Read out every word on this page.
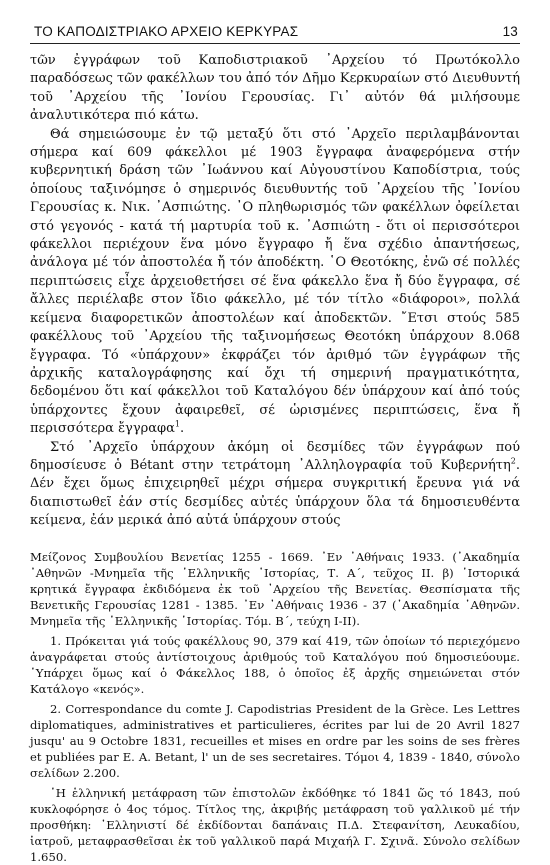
ΤΟ ΚΑΠΟΔΙΣΤΡΙΑΚΟ ΑΡΧΕΙΟ ΚΕΡΚΥΡΑΣ	13

τῶν ἐγγράφων τοῦ Καποδιστριακοῦ ᾿Αρχείου τό Πρωτόκολλο παραδόσεως τῶν φακέλλων του ἀπό τόν Δῆμο Κερκυραίων στό Διευθυντή τοῦ ᾿Αρχείου τῆς ᾿Ιονίου Γερουσίας. Γι᾿ αὐτόν θά μιλήσουμε ἀναλυτικότερα πιό κάτω.

Θά σημειώσουμε ἐν τῷ μεταξύ ὅτι στό ᾿Αρχεῖο περιλαμβάνονται σήμερα καί 609 φάκελλοι μέ 1903 ἔγγραφα ἀναφερόμενα στήν κυβερνητική δράση τῶν ᾿Ιωάννου καί Αὐγουστίνου Καποδίστρια, τούς ὁποίους ταξινόμησε ὁ σημερινός διευθυντής τοῦ ᾿Αρχείου τῆς ᾿Ιονίου Γερουσίας κ. Νικ. ᾿Ασπιώτης. ᾿Ο πληθωρισμός τῶν φακέλλων ὀφείλεται στό γεγονός - κατά τή μαρτυρία τοῦ κ. ᾿Ασπιώτη - ὅτι οἱ περισσότεροι φάκελλοι περιέχουν ἕνα μόνο ἔγγραφο ἤ ἕνα σχέδιο ἀπαντήσεως, ἀνάλογα μέ τόν ἀποστολέα ἤ τόν ἀποδέκτη. ῾Ο Θεοτόκης, ἐνῶ σέ πολλές περιπτώσεις εἶχε ἀρχειοθετήσει σέ ἕνα φάκελλο ἕνα ἤ δύο ἔγγραφα, σέ ἄλλες περιέλαβε στον ἴδιο φάκελλο, μέ τόν τίτλο «διάφοροι», πολλά κείμενα διαφορετικῶν ἀποστολέων καί ἀποδεκτῶν. ῎Ετσι στούς 585 φακέλλους τοῦ ᾿Αρχείου τῆς ταξινομήσεως Θεοτόκη ὑπάρχουν 8.068 ἔγγραφα. Τό «ὑπάρχουν» ἐκφράζει τόν ἀριθμό τῶν ἐγγράφων τῆς ἀρχικῆς καταλογράφησης καί ὄχι τή σημερινή πραγματικότητα, δεδομένου ὅτι καί φάκελλοι τοῦ Καταλόγου δέν ὑπάρχουν καί ἀπό τούς ὑπάρχοντες ἔχουν ἀφαιρεθεῖ, σέ ὡρισμένες περιπτώσεις, ἕνα ἤ περισσότερα ἔγγραφα$^1$.

Στό ᾿Αρχεῖο ὑπάρχουν ἀκόμη οἱ δεσμίδες τῶν ἐγγράφων πού δημοσίευσε ὁ Bétant στην τετράτομη ᾿Αλληλογραφία τοῦ Κυβερνήτη$^2$. Δέν ἔχει ὅμως ἐπιχειρηθεῖ μέχρι σήμερα συγκριτική ἔρευνα γιά νά διαπιστωθεῖ ἐάν στίς δεσμίδες αὐτές ὑπάρχουν ὅλα τά δημοσιευθέντα κείμενα, ἐάν μερικά ἀπό αὐτά ὑπάρχουν στούς

Μείζονος Συμβουλίου Βενετίας 1255 - 1669. ᾿Εν ᾿Αθήναις 1933. (᾿Ακαδημία ᾿Αθηνῶν -Μνημεῖα τῆς ῾Ελληνικῆς ῾Ιστορίας, Τ. Α΄, τεῦχος ΙΙ. β) ῾Ιστορικά κρητικά ἔγγραφα ἐκδιδόμενα ἐκ τοῦ ᾿Αρχείου τῆς Βενετίας. Θεσπίσματα τῆς Βενετικῆς Γερουσίας 1281 - 1385. ᾿Εν ᾿Αθήναις 1936 - 37 (᾿Ακαδημία ᾿Αθηνῶν. Μνημεῖα τῆς ῾Ελληνικῆς ῾Ιστορίας. Τόμ. Β΄, τεύχη Ι-ΙΙ).

1. Πρόκειται γιά τούς φακέλλους 90, 379 καί 419, τῶν ὁποίων τό περιεχόμενο ἀναγράφεται στούς ἀντίστοιχους ἀριθμούς τοῦ Καταλόγου πού δημοσιεύουμε. ῾Υπάρχει ὅμως καί ὁ Φάκελλος 188, ὁ ὁποῖος ἐξ ἀρχῆς σημειώνεται στόν Κατάλογο «κενός».

2. Correspondance du comte J. Capodistrias President de la Grèce. Les Lettres diplomatiques, administratives et particulieres, écrites par lui de 20 Avril 1827 jusqu' au 9 Octobre 1831, recueilles et mises en ordre par les soins de ses frères et publiées par E. A. Betant, l' un de ses secretaires. Τόμοι 4, 1839 - 1840, σύνολο σελίδων 2.200.

῾Η ἑλληνική μετάφραση τῶν ἐπιστολῶν ἐκδόθηκε τό 1841 ὥς τό 1843, πού κυκλοφόρησε ὁ 4ος τόμος. Τίτλος της, ἀκριβής μετάφραση τοῦ γαλλικοῦ μέ τήν προσθήκη: ῾Ελληνιστί δέ ἐκδίδονται δαπάναις Π.Δ. Στεφανίτση, Λευκαδίου, ἰατροῦ, μεταφρασθεῖσαι ἐκ τοῦ γαλλικοῦ παρά Μιχαήλ Γ. Σχινᾶ. Σύνολο σελίδων 1.650.
